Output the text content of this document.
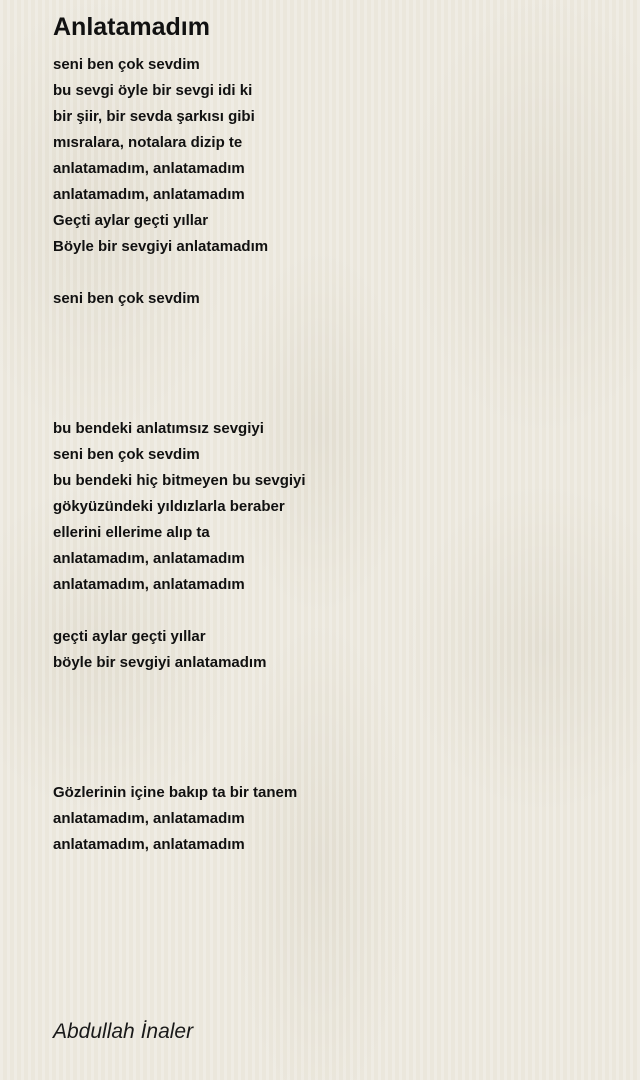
Anlatamadım
seni ben çok sevdim
bu sevgi öyle bir sevgi idi ki
bir şiir, bir sevda şarkısı gibi
mısralara, notalara dizip te
anlatamadım, anlatamadım
anlatamadım, anlatamadım
Geçti aylar geçti yıllar
Böyle bir sevgiyi anlatamadım
seni ben çok sevdim
bu bendeki anlatımsız sevgiyi
seni ben çok sevdim
bu bendeki hiç bitmeyen bu sevgiyi
gökyüzündeki yıldızlarla beraber
ellerini ellerime alıp ta
anlatamadım, anlatamadım
anlatamadım, anlatamadım
geçti aylar geçti yıllar
böyle bir sevgiyi anlatamadım
Gözlerinin içine bakıp ta bir tanem
anlatamadım, anlatamadım
anlatamadım, anlatamadım
Abdullah İnaler
